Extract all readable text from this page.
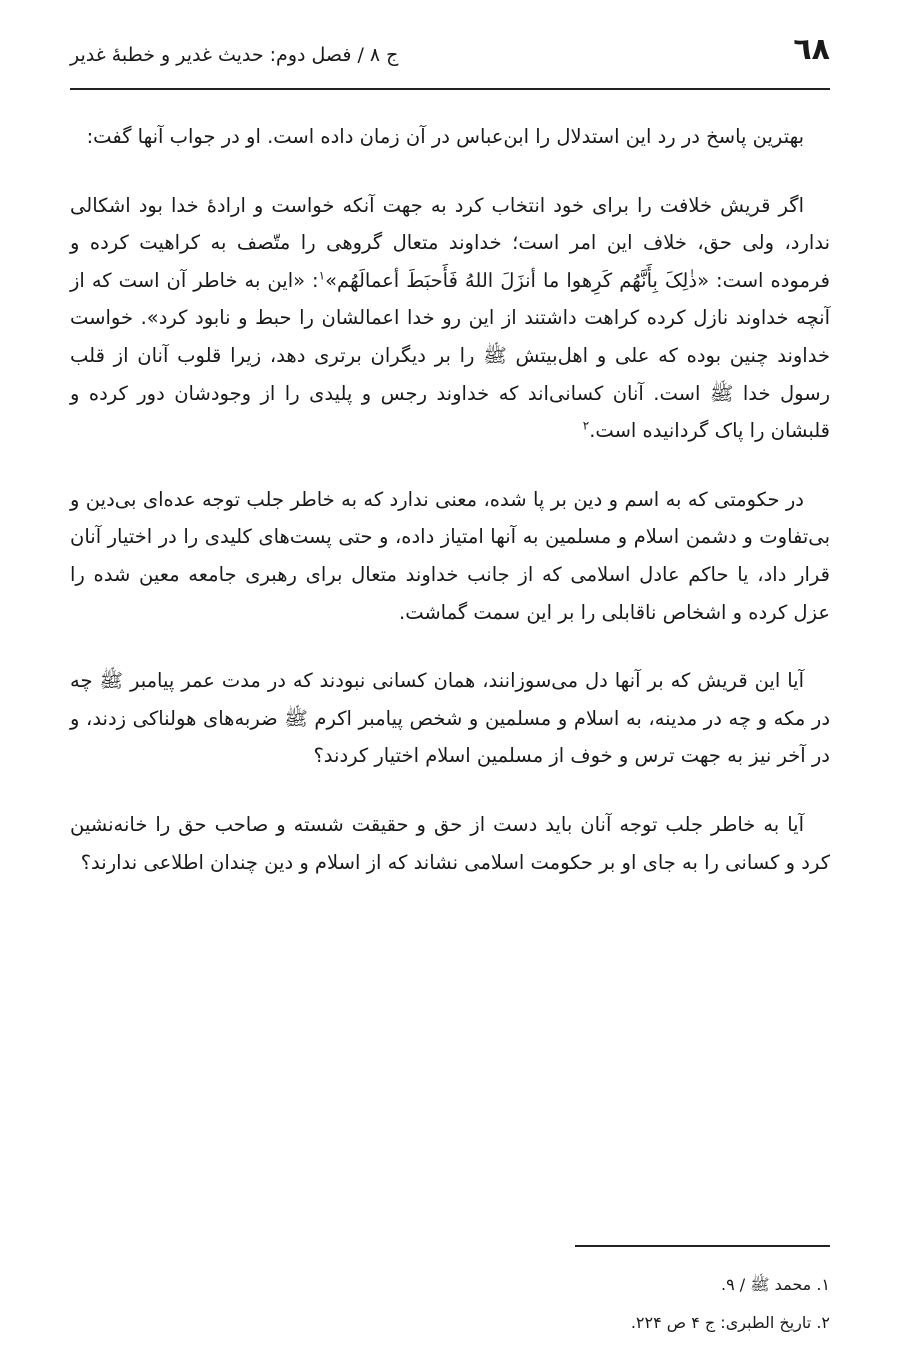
٦٨
ج ٨ / فصل دوم: حدیث غدیر و خطبهٔ غدیر

بهترین پاسخ در رد این استدلال را ابن‌عباس در آن زمان داده است. او در جواب آنها گفت:

اگر قریش خلافت را برای خود انتخاب کرد به جهت آنکه خواست و ارادهٔ خدا بود اشکالی ندارد، ولی حق، خلاف این امر است؛ خداوند متعال گروهی را متّصف به کراهیت کرده و فرموده است: «ذٰلِکَ بِأَنَّهُم کَرِهوا ما أنزَلَ اللهُ فَأَحبَطَ أعمالَهُم»$^١$: «این به خاطر آن است که از آنچه خداوند نازل کرده کراهت داشتند از این رو خدا اعمالشان را حبط و نابود کرد». خواست خداوند چنین بوده که علی و اهل‌بیتش ﷺ را بر دیگران برتری دهد، زیرا قلوب آنان از قلب رسول خدا ﷺ است. آنان کسانی‌اند که خداوند رجس و پلیدی را از وجودشان دور کرده و قلبشان را پاک گردانیده است.$^٢$

در حکومتی که به اسم و دین بر پا شده، معنی ندارد که به خاطر جلب توجه عده‌ای بی‌دین و بی‌تفاوت و دشمن اسلام و مسلمین به آنها امتیاز داده، و حتی پست‌های کلیدی را در اختیار آنان قرار داد، یا حاکم عادل اسلامی که از جانب خداوند متعال برای رهبری جامعه معین شده را عزل کرده و اشخاص ناقابلی را بر این سمت گماشت.

آیا این قریش که بر آنها دل می‌سوزانند، همان کسانی نبودند که در مدت عمر پیامبر ﷺ چه در مکه و چه در مدینه، به اسلام و مسلمین و شخص پیامبر اکرم ﷺ ضربه‌های هولناکی زدند، و در آخر نیز به جهت ترس و خوف از مسلمین اسلام اختیار کردند؟

آیا به خاطر جلب توجه آنان باید دست از حق و حقیقت شسته و صاحب حق را خانه‌نشین کرد و کسانی را به جای او بر حکومت اسلامی نشاند که از اسلام و دین چندان اطلاعی ندارند؟

١. محمد ﷺ / ٩.

٢. تاریخ الطبری: ج ۴ ص ٢٢۴.
